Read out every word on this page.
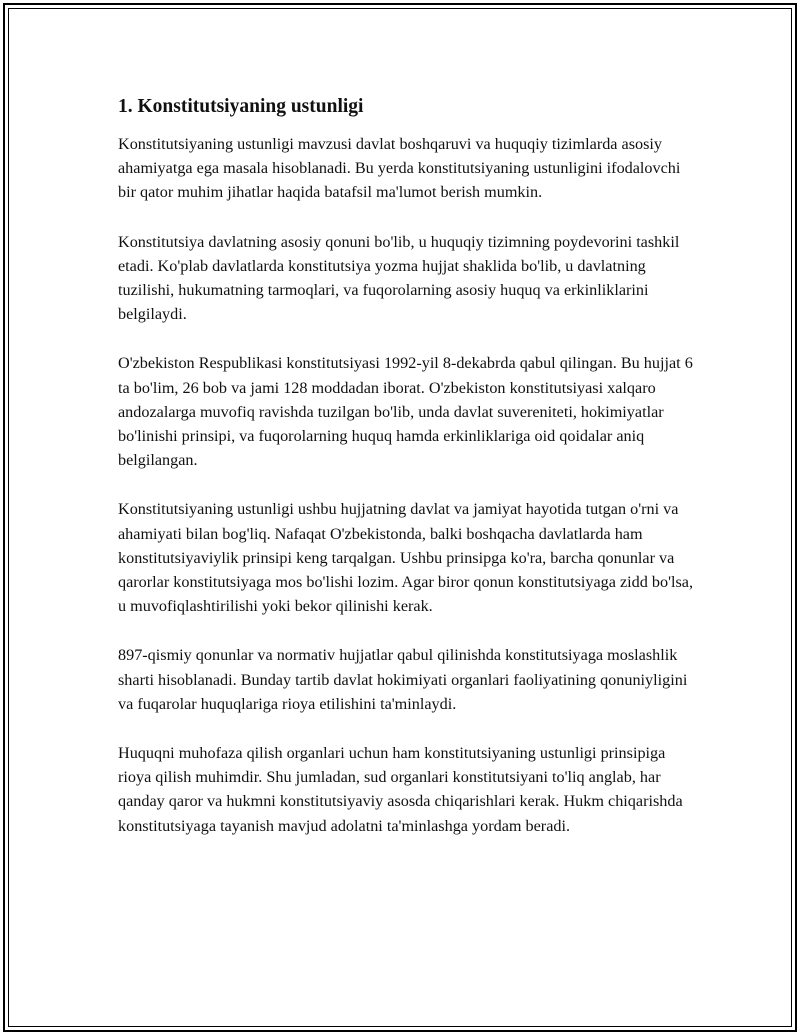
1. Konstitutsiyaning ustunligi

Konstitutsiyaning ustunligi mavzusi davlat boshqaruvi va huquqiy tizimlarda asosiy ahamiyatga ega masala hisoblanadi. Bu yerda konstitutsiyaning ustunligini ifodalovchi bir qator muhim jihatlar haqida batafsil ma'lumot berish mumkin.

Konstitutsiya davlatning asosiy qonuni bo'lib, u huquqiy tizimning poydevorini tashkil etadi. Ko'plab davlatlarda konstitutsiya yozma hujjat shaklida bo'lib, u davlatning tuzilishi, hukumatning tarmoqlari, va fuqorolarning asosiy huquq va erkinliklarini belgilaydi.

O'zbekiston Respublikasi konstitutsiyasi 1992-yil 8-dekabrda qabul qilingan. Bu hujjat 6 ta bo'lim, 26 bob va jami 128 moddadan iborat. O'zbekiston konstitutsiyasi xalqaro andozalarga muvofiq ravishda tuzilgan bo'lib, unda davlat suvereniteti, hokimiyatlar bo'linishi prinsipi, va fuqorolarning huquq hamda erkinliklariga oid qoidalar aniq belgilangan.

Konstitutsiyaning ustunligi ushbu hujjatning davlat va jamiyat hayotida tutgan o'rni va ahamiyati bilan bog'liq. Nafaqat O'zbekistonda, balki boshqacha davlatlarda ham konstitutsiyaviylik prinsipi keng tarqalgan. Ushbu prinsipga ko'ra, barcha qonunlar va qarorlar konstitutsiyaga mos bo'lishi lozim. Agar biror qonun konstitutsiyaga zidd bo'lsa, u muvofiqlashtirilishi yoki bekor qilinishi kerak.

897-qismiy qonunlar va normativ hujjatlar qabul qilinishda konstitutsiyaga moslashlik sharti hisoblanadi. Bunday tartib davlat hokimiyati organlari faoliyatining qonuniyligini va fuqarolar huquqlariga rioya etilishini ta'minlaydi.

Huquqni muhofaza qilish organlari uchun ham konstitutsiyaning ustunligi prinsipiga rioya qilish muhimdir. Shu jumladan, sud organlari konstitutsiyani to'liq anglab, har qanday qaror va hukmni konstitutsiyaviy asosda chiqarishlari kerak. Hukm chiqarishda konstitutsiyaga tayanish mavjud adolatni ta'minlashga yordam beradi.
